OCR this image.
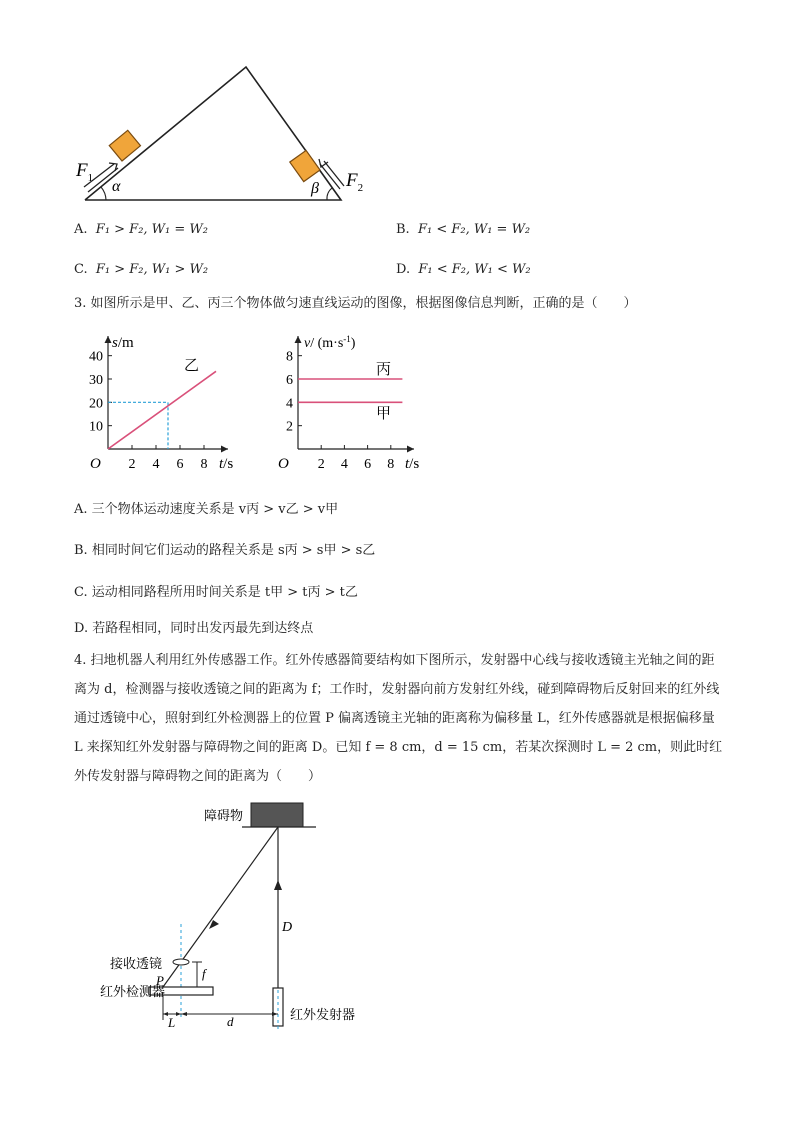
$F_1$	$F_2$
α	β
A. F₁ > F₂, W₁ = W₂	B. F₁ < F₂, W₁ = W₂
C. F₁ > F₂, W₁ > W₂	D. F₁ < F₂, W₁ < W₂
3. 如图所示是甲、乙、丙三个物体做匀速直线运动的图像，根据图像信息判断，正确的是（　　）
2 4 6 8
10
20
30
40
s/m
t/s
O
乙
2 4 6 8
2
4
6
8
v/ $(m\cdot s^{-1})$
t/s
O
丙
甲
A. 三个物体运动速度关系是 v丙 > v乙 > v甲
B. 相同时间它们运动的路程关系是 s丙 > s甲 > s乙
C. 运动相同路程所用时间关系是 t甲 > t丙 > t乙
D. 若路程相同，同时出发丙最先到达终点
4. 扫地机器人利用红外传感器工作。红外传感器简要结构如下图所示，发射器中心线与接收透镜主光轴之间的距离为 d，检测器与接收透镜之间的距离为 f；工作时，发射器向前方发射红外线，碰到障碍物后反射回来的红外线通过透镜中心，照射到红外检测器上的位置 P 偏离透镜主光轴的距离称为偏移量 L，红外传感器就是根据偏移量 L 来探知红外发射器与障碍物之间的距离 D。已知 f = 8 cm，d = 15 cm，若某次探测时 L = 2 cm，则此时红外传发射器与障碍物之间的距离为（　　）
障碍物
红外发射器
D
接收透镜
f
红外检测器
P
L	d
